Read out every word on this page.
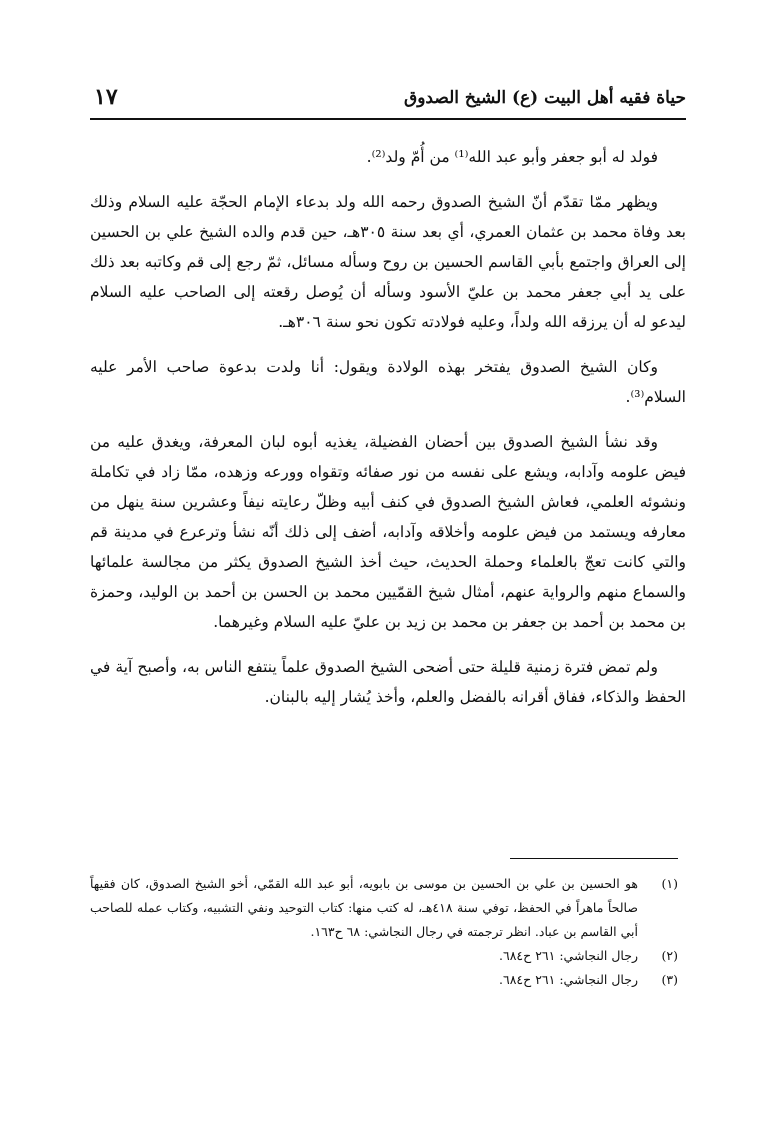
حياة فقيه أهل البيت (ع) الشيخ الصدوق
١٧

فولد له أبو جعفر وأبو عبد الله⁽¹⁾ من أُمّ ولد⁽²⁾.

ويظهر ممّا تقدّم أنّ الشيخ الصدوق رحمه الله ولد بدعاء الإمام الحجّة عليه السلام وذلك بعد وفاة محمد بن عثمان العمري، أي بعد سنة ٣٠٥هـ، حين قدم والده الشيخ علي بن الحسين إلى العراق واجتمع بأبي القاسم الحسين بن روح وسأله مسائل، ثمّ رجع إلى قم وكاتبه بعد ذلك على يد أبي جعفر محمد بن عليّ الأسود وسأله أن يُوصل رقعته إلى الصاحب عليه السلام ليدعو له أن يرزقه الله ولداً، وعليه فولادته تكون نحو سنة ٣٠٦هـ.

وكان الشيخ الصدوق يفتخر بهذه الولادة ويقول: أنا ولدت بدعوة صاحب الأمر عليه السلام⁽³⁾.

وقد نشأ الشيخ الصدوق بين أحضان الفضيلة، يغذيه أبوه لبان المعرفة، ويغدق عليه من فيض علومه وآدابه، ويشع على نفسه من نور صفائه وتقواه وورعه وزهده، ممّا زاد في تكاملة ونشوئه العلمي، فعاش الشيخ الصدوق في كنف أبيه وظلّ رعايته نيفاً وعشرين سنة ينهل من معارفه ويستمد من فيض علومه وأخلاقه وآدابه، أضف إلى ذلك أنّه نشأ وترعرع في مدينة قم والتي كانت تعجّ بالعلماء وحملة الحديث، حيث أخذ الشيخ الصدوق يكثر من مجالسة علمائها والسماع منهم والرواية عنهم، أمثال شيخ القمّيين محمد بن الحسن بن أحمد بن الوليد، وحمزة بن محمد بن أحمد بن جعفر بن محمد بن زيد بن عليّ عليه السلام وغيرهما.

ولم تمض فترة زمنية قليلة حتى أضحى الشيخ الصدوق علماً ينتفع الناس به، وأصبح آية في الحفظ والذكاء، ففاق أقرانه بالفضل والعلم، وأخذ يُشار إليه بالبنان.

(١)
هو الحسين بن علي بن الحسين بن موسى بن بابويه، أبو عبد الله القمّي، أخو الشيخ الصدوق، كان فقيهاً صالحاً ماهراً في الحفظ، توفي سنة ٤١٨هـ، له كتب منها: كتاب التوحيد ونفي التشبيه، وكتاب عمله للصاحب أبي القاسم بن عباد. انظر ترجمته في رجال النجاشي: ٦٨ ح١٦٣.
(٢)
رجال النجاشي: ٢٦١ ح٦٨٤.
(٣)
رجال النجاشي: ٢٦١ ح٦٨٤.
